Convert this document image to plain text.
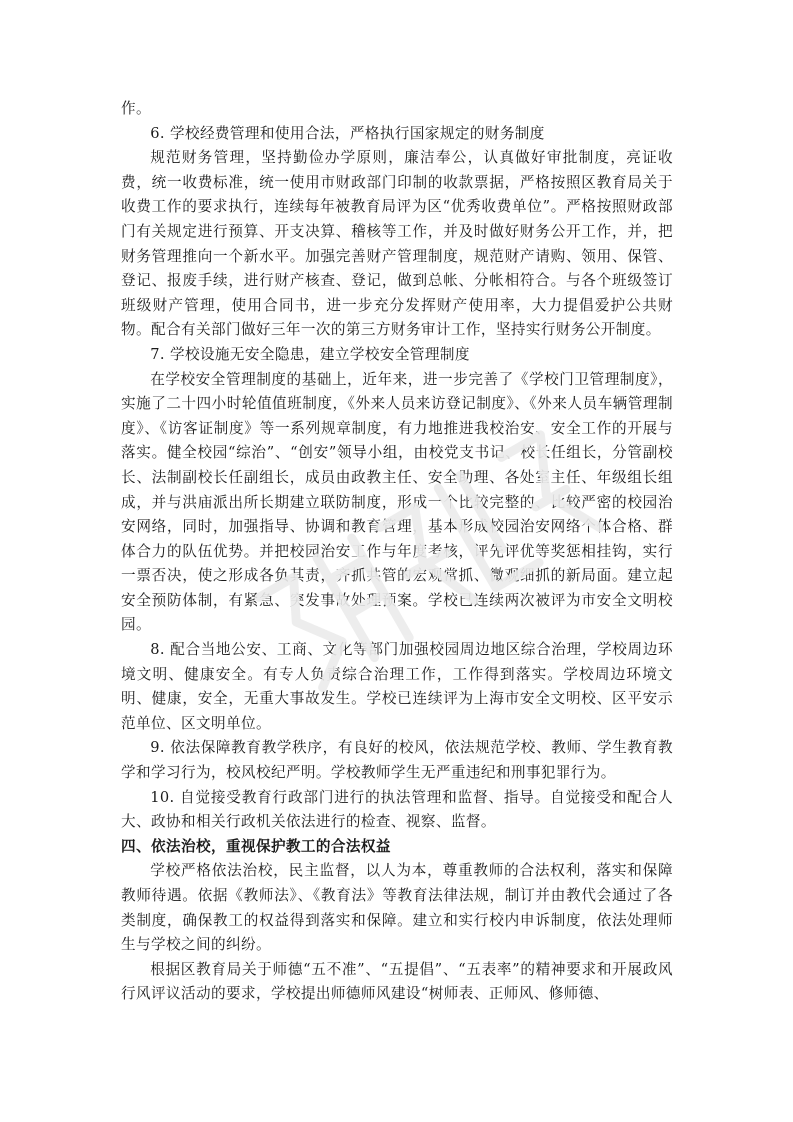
作。

6. 学校经费管理和使用合法，严格执行国家规定的财务制度

规范财务管理，坚持勤俭办学原则，廉洁奉公，认真做好审批制度，亮证收费，统一收费标准，统一使用市财政部门印制的收款票据，严格按照区教育局关于收费工作的要求执行，连续每年被教育局评为区“优秀收费单位”。严格按照财政部门有关规定进行预算、开支决算、稽核等工作，并及时做好财务公开工作，并，把财务管理推向一个新水平。加强完善财产管理制度，规范财产请购、领用、保管、登记、报废手续，进行财产核查、登记，做到总帐、分帐相符合。与各个班级签订班级财产管理，使用合同书，进一步充分发挥财产使用率，大力提倡爱护公共财物。配合有关部门做好三年一次的第三方财务审计工作，坚持实行财务公开制度。

7. 学校设施无安全隐患，建立学校安全管理制度

在学校安全管理制度的基础上，近年来，进一步完善了《学校门卫管理制度》，实施了二十四小时轮值值班制度，《外来人员来访登记制度》、《外来人员车辆管理制度》、《访客证制度》等一系列规章制度，有力地推进我校治安、安全工作的开展与落实。健全校园“综治”、“创安”领导小组，由校党支书记、校长任组长，分管副校长、法制副校长任副组长，成员由政教主任、安全助理、各处室主任、年级组长组成，并与洪庙派出所长期建立联防制度，形成一个比较完整的、比较严密的校园治安网络，同时，加强指导、协调和教育管理，基本形成校园治安网络个体合格、群体合力的队伍优势。并把校园治安工作与年度考核，评先评优等奖惩相挂钩，实行一票否决，使之形成各负其责，齐抓共管的宏观常抓、微观细抓的新局面。建立起安全预防体制，有紧急、突发事故处理预案。学校已连续两次被评为市安全文明校园。

8. 配合当地公安、工商、文化等部门加强校园周边地区综合治理，学校周边环境文明、健康安全。有专人负责综合治理工作，工作得到落实。学校周边环境文明、健康，安全，无重大事故发生。学校已连续评为上海市安全文明校、区平安示范单位、区文明单位。

9. 依法保障教育教学秩序，有良好的校风，依法规范学校、教师、学生教育教学和学习行为，校风校纪严明。学校教师学生无严重违纪和刑事犯罪行为。

10. 自觉接受教育行政部门进行的执法管理和监督、指导。自觉接受和配合人大、政协和相关行政机关依法进行的检查、视察、监督。

四、依法治校，重视保护教工的合法权益

学校严格依法治校，民主监督，以人为本，尊重教师的合法权利，落实和保障教师待遇。依据《教师法》、《教育法》等教育法律法规，制订并由教代会通过了各类制度，确保教工的权益得到落实和保障。建立和实行校内申诉制度，依法处理师生与学校之间的纠纷。

根据区教育局关于师德“五不准”、“五提倡”、“五表率”的精神要求和开展政风行风评议活动的要求，学校提出师德师风建设“树师表、正师风、修师德、
